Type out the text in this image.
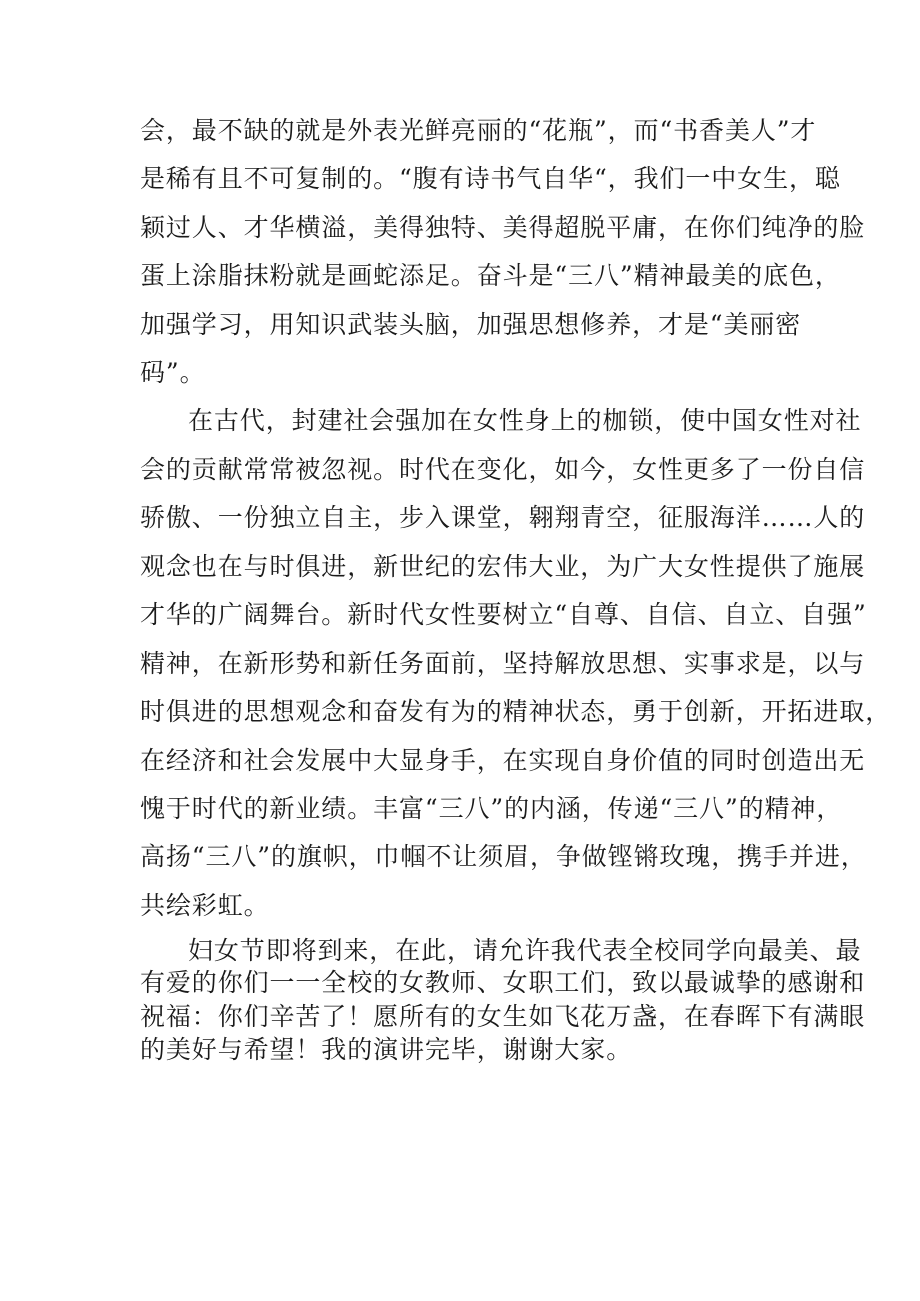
会，最不缺的就是外表光鲜亮丽的“花瓶”，而“书香美人”才
是稀有且不可复制的。“腹有诗书气自华“，我们一中女生，聪
颖过人、才华横溢，美得独特、美得超脱平庸，在你们纯净的脸
蛋上涂脂抹粉就是画蛇添足。奋斗是“三八”精神最美的底色，
加强学习，用知识武装头脑，加强思想修养，才是“美丽密
码”。
在古代，封建社会强加在女性身上的枷锁，使中国女性对社
会的贡献常常被忽视。时代在变化，如今，女性更多了一份自信
骄傲、一份独立自主，步入课堂，翱翔青空，征服海洋……人的
观念也在与时俱进，新世纪的宏伟大业，为广大女性提供了施展
才华的广阔舞台。新时代女性要树立“自尊、自信、自立、自强”
精神，在新形势和新任务面前，坚持解放思想、实事求是，以与
时俱进的思想观念和奋发有为的精神状态，勇于创新，开拓进取，
在经济和社会发展中大显身手，在实现自身价值的同时创造出无
愧于时代的新业绩。丰富“三八”的内涵，传递“三八”的精神，
高扬“三八”的旗帜，巾帼不让须眉，争做铿锵玫瑰，携手并进，
共绘彩虹。
妇女节即将到来，在此，请允许我代表全校同学向最美、最
有爱的你们一一全校的女教师、女职工们，致以最诚挚的感谢和
祝福：你们辛苦了！愿所有的女生如飞花万盏，在春晖下有满眼
的美好与希望！我的演讲完毕，谢谢大家。
